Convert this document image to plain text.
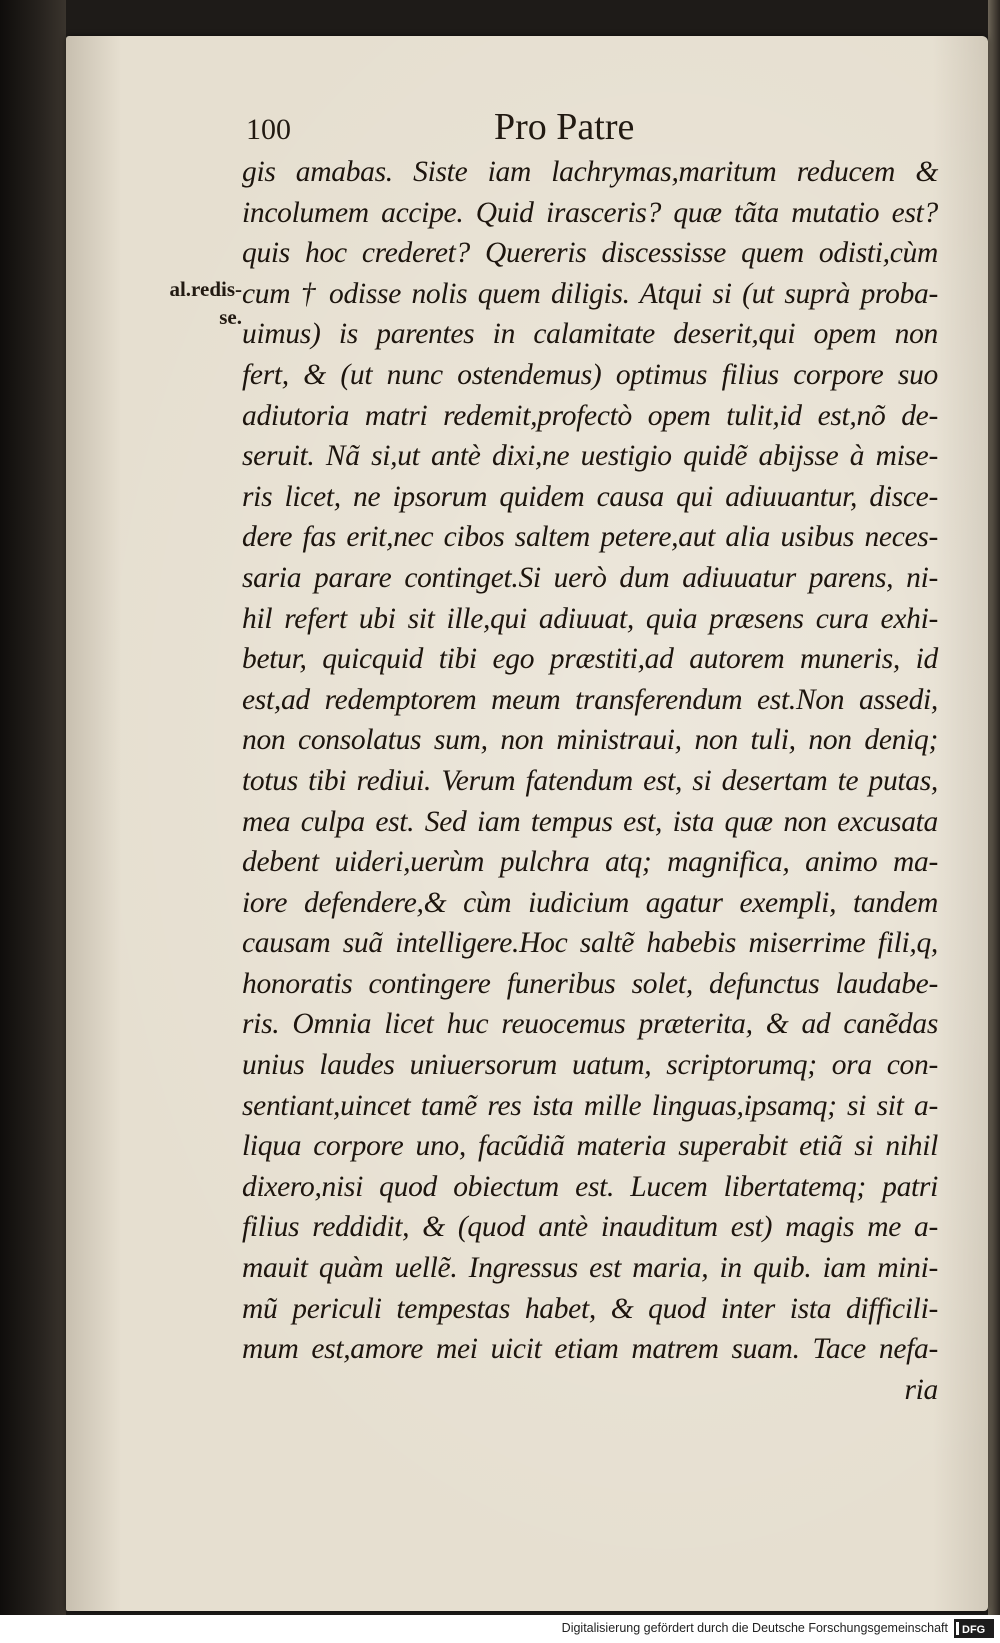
100	Pro Patre
al.redis- se.
gis amabas. Siste iam lachrymas,maritum reducem &
incolumem accipe. Quid irasceris? quæ tãta mutatio est?
quis hoc crederet? Quereris discessisse quem odisti,cùm
cum † odisse nolis quem diligis. Atqui si (ut suprà proba-
uimus) is parentes in calamitate deserit,qui opem non
fert, & (ut nunc ostendemus) optimus filius corpore suo
adiutoria matri redemit,profectò opem tulit,id est,nõ de-
seruit. Nã si,ut antè dixi,ne uestigio quidẽ abijsse à mise-
ris licet, ne ipsorum quidem causa qui adiuuantur, disce-
dere fas erit,nec cibos saltem petere,aut alia usibus neces-
saria parare continget.Si uerò dum adiuuatur parens, ni-
hil refert ubi sit ille,qui adiuuat, quia præsens cura exhi-
betur, quicquid tibi ego præstiti,ad autorem muneris, id
est,ad redemptorem meum transferendum est.Non assedi,
non consolatus sum, non ministraui, non tuli, non deniq;
totus tibi rediui. Verum fatendum est, si desertam te putas,
mea culpa est. Sed iam tempus est, ista quæ non excusata
debent uideri,uerùm pulchra atq; magnifica, animo ma-
iore defendere,& cùm iudicium agatur exempli, tandem
causam suã intelligere.Hoc saltẽ habebis miserrime fili,q,
honoratis contingere funeribus solet, defunctus laudabe-
ris. Omnia licet huc reuocemus præterita, & ad canẽdas
unius laudes uniuersorum uatum, scriptorumq; ora con-
sentiant,uincet tamẽ res ista mille linguas,ipsamq; si sit a-
liqua corpore uno, facũdiã materia superabit etiã si nihil
dixero,nisi quod obiectum est. Lucem libertatemq; patri
filius reddidit, & (quod antè inauditum est) magis me a-
mauit quàm uellẽ. Ingressus est maria, in quib. iam mini-
mũ periculi tempestas habet, & quod inter ista difficili-
mum est,amore mei uicit etiam matrem suam. Tace nefa-
ria
Digitalisierung gefördert durch die Deutsche Forschungsgemeinschaft DFG
